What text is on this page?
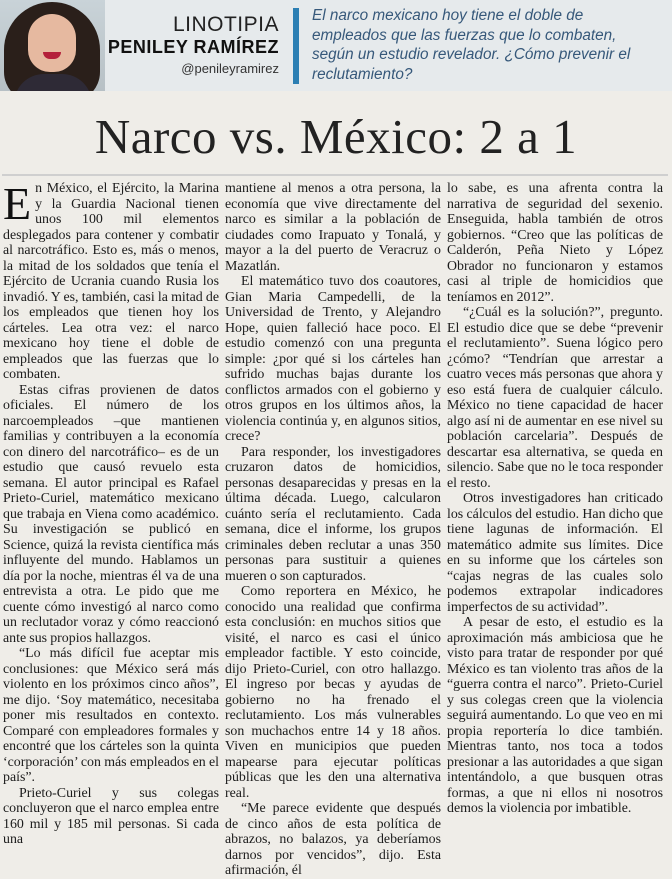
LINOTIPIA
PENILEY RAMÍREZ
@penileyramirez
El narco mexicano hoy tiene el doble de empleados que las fuerzas que lo combaten, según un estudio revelador. ¿Cómo prevenir el reclutamiento?
Narco vs. México: 2 a 1

En México, el Ejército, la Marina y la Guardia Nacional tienen unos 100 mil elementos desplegados para contener y combatir al narcotráfico. Esto es, más o menos, la mitad de los soldados que tenía el Ejército de Ucrania cuando Rusia los invadió. Y es, también, casi la mitad de los empleados que tienen hoy los cárteles. Lea otra vez: el narco mexicano hoy tiene el doble de empleados que las fuerzas que lo combaten.

Estas cifras provienen de datos oficiales. El número de los narcoempleados –que mantienen familias y contribuyen a la economía con dinero del narcotráfico– es de un estudio que causó revuelo esta semana. El autor principal es Rafael Prieto-Curiel, matemático mexicano que trabaja en Viena como académico. Su investigación se publicó en Science, quizá la revista científica más influyente del mundo. Hablamos un día por la noche, mientras él va de una entrevista a otra. Le pido que me cuente cómo investigó al narco como un reclutador voraz y cómo reaccionó ante sus propios hallazgos.

“Lo más difícil fue aceptar mis conclusiones: que México será más violento en los próximos cinco años”, me dijo. ‘Soy matemático, necesitaba poner mis resultados en contexto. Comparé con empleadores formales y encontré que los cárteles son la quinta ‘corporación’ con más empleados en el país”.

Prieto-Curiel y sus colegas concluyeron que el narco emplea entre 160 mil y 185 mil personas. Si cada una

mantiene al menos a otra persona, la economía que vive directamente del narco es similar a la población de ciudades como Irapuato y Tonalá, y mayor a la del puerto de Veracruz o Mazatlán.

El matemático tuvo dos coautores, Gian Maria Campedelli, de la Universidad de Trento, y Alejandro Hope, quien falleció hace poco. El estudio comenzó con una pregunta simple: ¿por qué si los cárteles han sufrido muchas bajas durante los conflictos armados con el gobierno y otros grupos en los últimos años, la violencia continúa y, en algunos sitios, crece?

Para responder, los investigadores cruzaron datos de homicidios, personas desaparecidas y presas en la última década. Luego, calcularon cuánto sería el reclutamiento. Cada semana, dice el informe, los grupos criminales deben reclutar a unas 350 personas para sustituir a quienes mueren o son capturados.

Como reportera en México, he conocido una realidad que confirma esta conclusión: en muchos sitios que visité, el narco es casi el único empleador factible. Y esto coincide, dijo Prieto-Curiel, con otro hallazgo. El ingreso por becas y ayudas de gobierno no ha frenado el reclutamiento. Los más vulnerables son muchachos entre 14 y 18 años. Viven en municipios que pueden mapearse para ejecutar políticas públicas que les den una alternativa real.

“Me parece evidente que después de cinco años de esta política de abrazos, no balazos, ya deberíamos darnos por vencidos”, dijo. Esta afirmación, él

lo sabe, es una afrenta contra la narrativa de seguridad del sexenio. Enseguida, habla también de otros gobiernos. “Creo que las políticas de Calderón, Peña Nieto y López Obrador no funcionaron y estamos casi al triple de homicidios que teníamos en 2012”.

“¿Cuál es la solución?”, pregunto. El estudio dice que se debe “prevenir el reclutamiento”. Suena lógico pero ¿cómo? “Tendrían que arrestar a cuatro veces más personas que ahora y eso está fuera de cualquier cálculo. México no tiene capacidad de hacer algo así ni de aumentar en ese nivel su población carcelaria”. Después de descartar esa alternativa, se queda en silencio. Sabe que no le toca responder el resto.

Otros investigadores han criticado los cálculos del estudio. Han dicho que tiene lagunas de información. El matemático admite sus límites. Dice en su informe que los cárteles son “cajas negras de las cuales solo podemos extrapolar indicadores imperfectos de su actividad”.

A pesar de esto, el estudio es la aproximación más ambiciosa que he visto para tratar de responder por qué México es tan violento tras años de la “guerra contra el narco”. Prieto-Curiel y sus colegas creen que la violencia seguirá aumentando. Lo que veo en mi propia reportería lo dice también. Mientras tanto, nos toca a todos presionar a las autoridades a que sigan intentándolo, a que busquen otras formas, a que ni ellos ni nosotros demos la violencia por imbatible.
